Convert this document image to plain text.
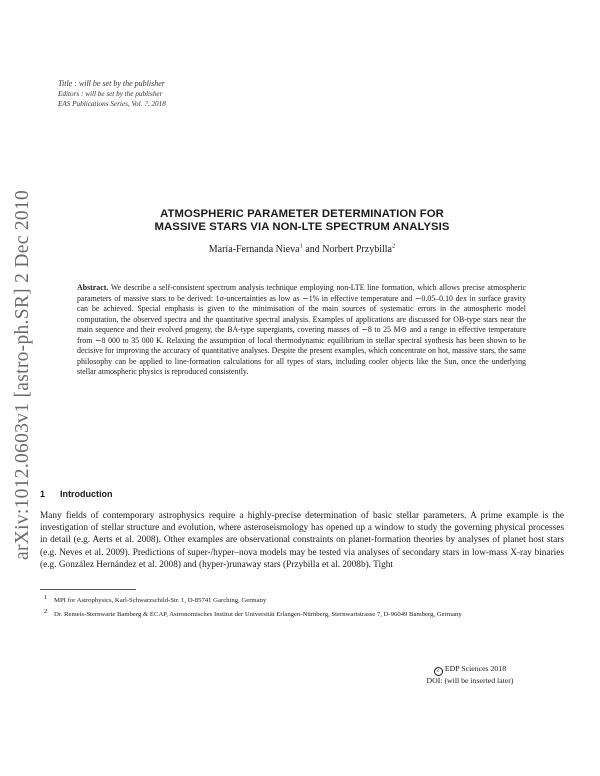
Title : will be set by the publisher
Editors : will be set by the publisher
EAS Publications Series, Vol. ?, 2018
arXiv:1012.0603v1 [astro-ph.SR] 2 Dec 2010	ATMOSPHERIC PARAMETER DETERMINATION FOR
MASSIVE STARS VIA NON-LTE SPECTRUM ANALYSIS
María-Fernanda Nieva$^1$ and Norbert Przybilla$^2$
Abstract. We describe a self-consistent spectrum analysis technique employing non-LTE line formation, which allows precise atmospheric parameters of massive stars to be derived: 1σ-uncertainties as low as ∼1% in effective temperature and ∼0.05–0.10 dex in surface gravity can be achieved. Special emphasis is given to the minimisation of the main sources of systematic errors in the atmospheric model computation, the observed spectra and the quantitative spectral analysis. Examples of applications are discussed for OB-type stars near the main sequence and their evolved progeny, the BA-type supergiants, covering masses of ∼8 to 25 M⊙ and a range in effective temperature from ∼8 000 to 35 000 K. Relaxing the assumption of local thermodynamic equilibrium in stellar spectral synthesis has been shown to be decisive for improving the accuracy of quantitative analyses. Despite the present examples, which concentrate on hot, massive stars, the same philosophy can be applied to line-formation calculations for all types of stars, including cooler objects like the Sun, once the underlying stellar atmospheric physics is reproduced consistently.
1 Introduction
Many fields of contemporary astrophysics require a highly-precise determination of basic stellar parameters. A prime example is the investigation of stellar structure and evolution, where asteroseismology has opened up a window to study the governing physical processes in detail (e.g. Aerts et al. 2008). Other examples are observational constraints on planet-formation theories by analyses of planet host stars (e.g. Neves et al. 2009). Predictions of super-/hyper–nova models may be tested via analyses of secondary stars in low-mass X-ray binaries (e.g. González Hernández et al. 2008) and (hyper-)runaway stars (Przybilla et al. 2008b). Tight
$^1$ MPI for Astrophysics, Karl-Schwarzschild-Str. 1, D-85741 Garching, Germany
$^2$ Dr. Remeis-Sternwarte Bamberg & ECAP, Astronomisches Institut der Universität Erlangen-Nürnberg, Sternwartstrasse 7, D-96049 Bamberg, Germany
c EDP Sciences 2018
DOI: (will be inserted later)
